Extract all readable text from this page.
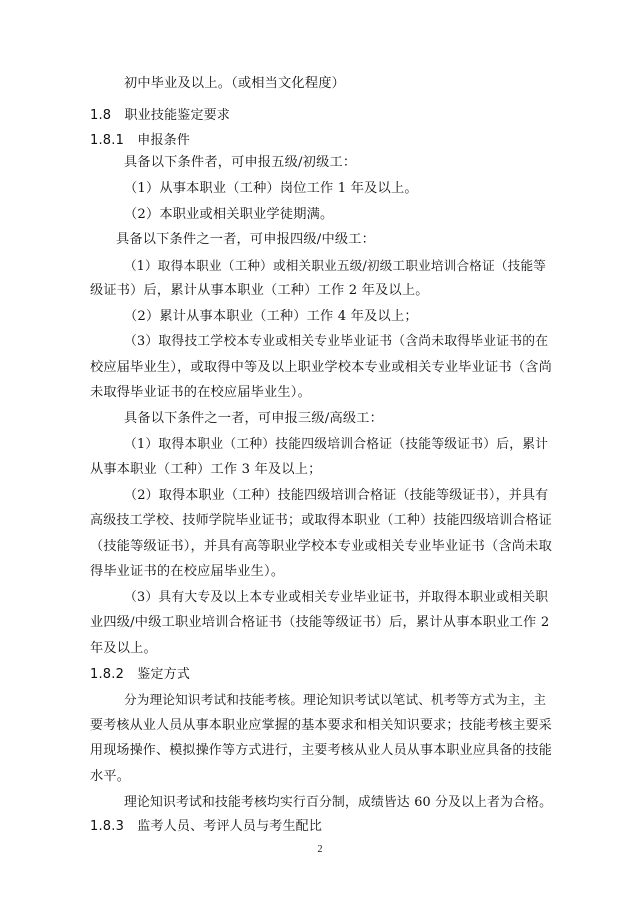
初中毕业及以上。（或相当文化程度）
1.8　职业技能鉴定要求
1.8.1　申报条件
具备以下条件者，可申报五级/初级工：
（1）从事本职业（工种）岗位工作 1 年及以上。
（2）本职业或相关职业学徒期满。
具备以下条件之一者，可申报四级/中级工：
（1）取得本职业（工种）或相关职业五级/初级工职业培训合格证（技能等
级证书）后，累计从事本职业（工种）工作 2 年及以上。
（2）累计从事本职业（工种）工作 4 年及以上；
（3）取得技工学校本专业或相关专业毕业证书（含尚未取得毕业证书的在
校应届毕业生），或取得中等及以上职业学校本专业或相关专业毕业证书（含尚
未取得毕业证书的在校应届毕业生）。
具备以下条件之一者，可申报三级/高级工：
（1）取得本职业（工种）技能四级培训合格证（技能等级证书）后，累计
从事本职业（工种）工作 3 年及以上；
（2）取得本职业（工种）技能四级培训合格证（技能等级证书），并具有
高级技工学校、技师学院毕业证书；或取得本职业（工种）技能四级培训合格证
（技能等级证书），并具有高等职业学校本专业或相关专业毕业证书（含尚未取
得毕业证书的在校应届毕业生）。
（3）具有大专及以上本专业或相关专业毕业证书，并取得本职业或相关职
业四级/中级工职业培训合格证书（技能等级证书）后，累计从事本职业工作 2
年及以上。
1.8.2　鉴定方式
分为理论知识考试和技能考核。理论知识考试以笔试、机考等方式为主，主
要考核从业人员从事本职业应掌握的基本要求和相关知识要求；技能考核主要采
用现场操作、模拟操作等方式进行，主要考核从业人员从事本职业应具备的技能
水平。
理论知识考试和技能考核均实行百分制，成绩皆达 60 分及以上者为合格。
1.8.3　监考人员、考评人员与考生配比
2
